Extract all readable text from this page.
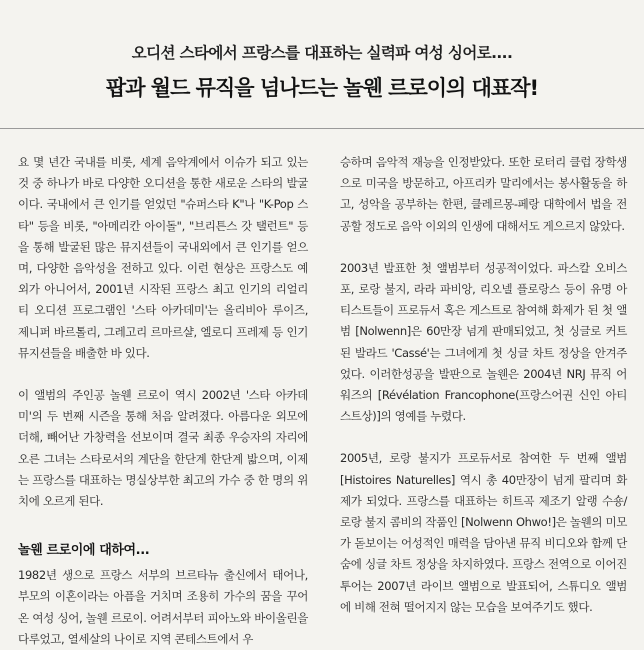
오디션 스타에서 프랑스를 대표하는 실력파 여성 싱어로....
팝과 월드 뮤직을 넘나드는 놀웬 르로이의 대표작!

요 몇 년간 국내를 비롯, 세계 음악계에서 이슈가 되고 있는 것 중 하나가 바로 다양한 오디션을 통한 새로운 스타의 발굴이다. 국내에서 큰 인기를 얻었던 "슈퍼스타 K"나 "K-Pop 스타" 등을 비롯, "아메리칸 아이돌", "브리튼스 갓 탤런트" 등을 통해 발굴된 많은 뮤지션들이 국내외에서 큰 인기를 얻으며, 다양한 음악성을 전하고 있다. 이런 현상은 프랑스도 예외가 아니어서, 2001년 시작된 프랑스 최고 인기의 리얼리티 오디션 프로그램인 '스타 아카데미'는 올리비아 루이즈, 제니퍼 바르톨리, 그레고리 르마르샬, 엘로디 프레제 등 인기 뮤지션들을 배출한 바 있다.

이 앨범의 주인공 놀웬 르로이 역시 2002년 '스타 아카데미'의 두 번째 시즌을 통해 처음 알려졌다. 아름다운 외모에 더해, 빼어난 가창력을 선보이며 결국 최종 우승자의 자리에 오른 그녀는 스타로서의 계단을 한단계 한단계 밟으며, 이제는 프랑스를 대표하는 명실상부한 최고의 가수 중 한 명의 위치에 오르게 된다.

놀웬 르로이에 대하여...

1982년 생으로 프랑스 서부의 브르타뉴 출신에서 태어나, 부모의 이혼이라는 아픔을 거치며 조용히 가수의 꿈을 꾸어온 여성 싱어, 놀웬 르로이. 어려서부터 피아노와 바이올린을 다루었고, 열세살의 나이로 지역 콘테스트에서 우

승하며 음악적 재능을 인정받았다. 또한 로터리 클럽 장학생으로 미국을 방문하고, 아프리카 말리에서는 봉사활동을 하고, 성악을 공부하는 한편, 클레르몽-페랑 대학에서 법을 전공할 정도로 음악 이외의 인생에 대해서도 게으르지 않았다.

2003년 발표한 첫 앨범부터 성공적이었다. 파스칼 오비스포, 로랑 불지, 라라 파비앙, 리오넬 플로랑스 등이 유명 아티스트들이 프로듀서 혹은 게스트로 참여해 화제가 된 첫 앨범 [Nolwenn]은 60만장 넘게 판매되었고, 첫 싱글로 커트된 발라드 'Cassé'는 그녀에게 첫 싱글 차트 정상을 안겨주었다. 이러한성공을 발판으로 놀웬은 2004년 NRJ 뮤직 어워즈의 [Révélation Francophone(프랑스어권 신인 아티스트상)]의 영예를 누렸다.

2005년, 로랑 불지가 프로듀서로 참여한 두 번째 앨범 [Histoires Naturelles] 역시 총 40만장이 넘게 팔리며 화제가 되었다. 프랑스를 대표하는 히트곡 제조기 알랭 수숑/로랑 불지 콤비의 작품인 [Nolwenn Ohwo!]은 놀웬의 미모가 돋보이는 어성적인 매력을 담아낸 뮤직 비디오와 함께 단숨에 싱글 차트 정상을 차지하였다. 프랑스 전역으로 이어진 투어는 2007년 라이브 앨범으로 발표되어, 스튜디오 앨범에 비해 전혀 떨어지지 않는 모습을 보여주기도 했다.
